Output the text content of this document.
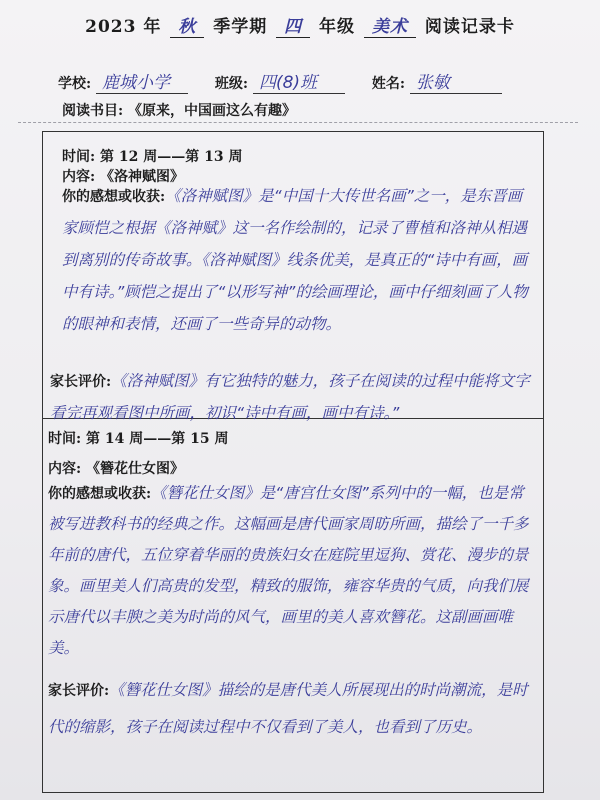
2023 年 秋 季学期 四 年级 美术 阅读记录卡
学校: 鹿城小学	班级: 四(8)班	姓名: 张敏
阅读书目: 《原来，中国画这么有趣》
时间: 第 12 周——第 13 周
内容: 《洛神赋图》
你的感想或收获:《洛神赋图》是“中国十大传世名画”之一，是东晋画家顾恺之根据《洛神赋》这一名作绘制的，记录了曹植和洛神从相遇到离别的传奇故事。《洛神赋图》线条优美，是真正的“诗中有画，画中有诗。”顾恺之提出了“以形写神”的绘画理论，画中仔细刻画了人物的眼神和表情，还画了一些奇异的动物。
家长评价:《洛神赋图》有它独特的魅力，孩子在阅读的过程中能将文字看完再观看图中所画，初识“诗中有画，画中有诗。”
时间: 第 14 周——第 15 周
内容: 《簪花仕女图》
你的感想或收获:《簪花仕女图》是“唐宫仕女图”系列中的一幅，也是常被写进教科书的经典之作。这幅画是唐代画家周昉所画，描绘了一千多年前的唐代，五位穿着华丽的贵族妇女在庭院里逗狗、赏花、漫步的景象。画里美人们高贵的发型，精致的服饰，雍容华贵的气质，向我们展示唐代以丰腴之美为时尚的风气，画里的美人喜欢簪花。这副画画唯美。
家长评价:《簪花仕女图》描绘的是唐代美人所展现出的时尚潮流，是时代的缩影，孩子在阅读过程中不仅看到了美人，也看到了历史。
